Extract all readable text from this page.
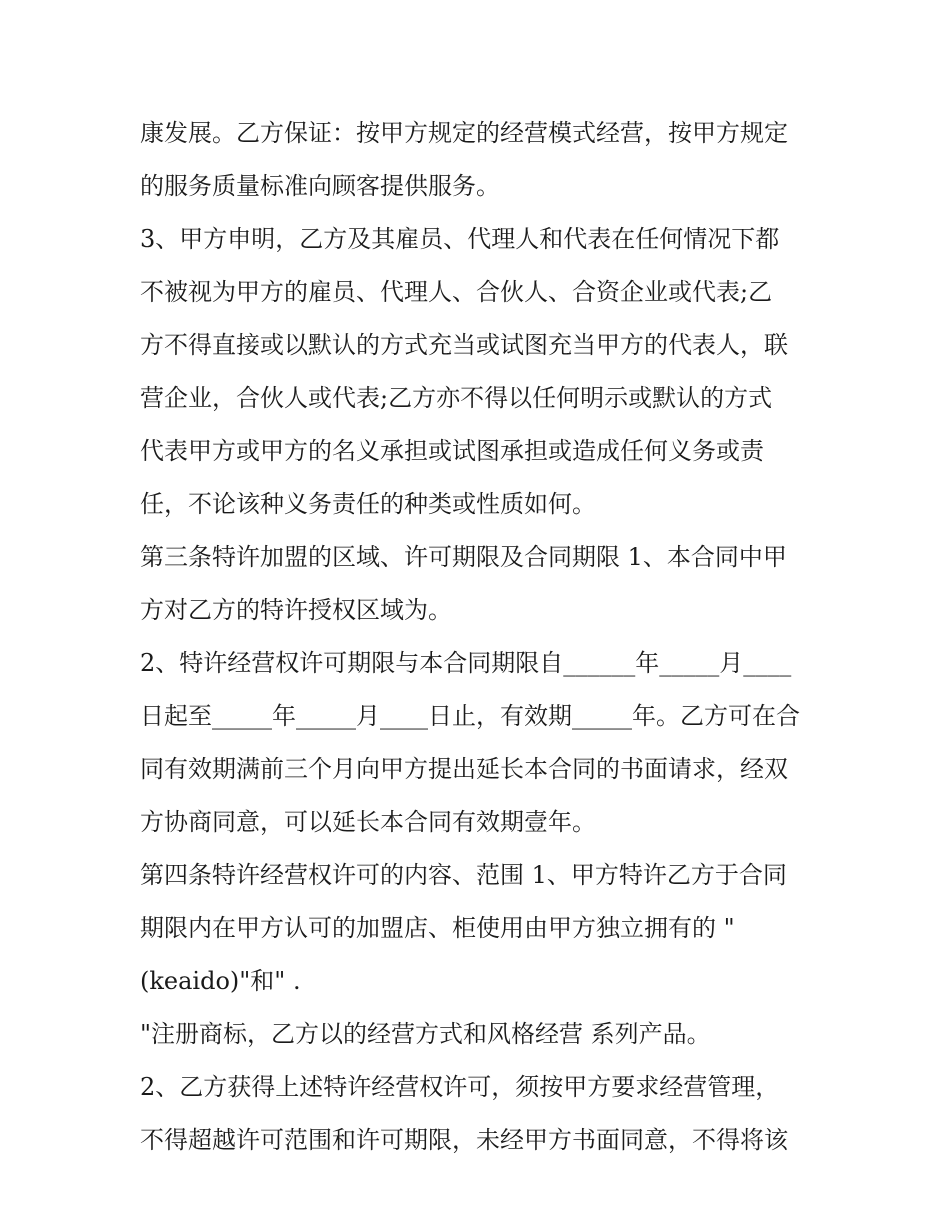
康发展。乙方保证：按甲方规定的经营模式经营，按甲方规定
的服务质量标准向顾客提供服务。
3、甲方申明，乙方及其雇员、代理人和代表在任何情况下都
不被视为甲方的雇员、代理人、合伙人、合资企业或代表;乙
方不得直接或以默认的方式充当或试图充当甲方的代表人，联
营企业，合伙人或代表;乙方亦不得以任何明示或默认的方式
代表甲方或甲方的名义承担或试图承担或造成任何义务或责
任，不论该种义务责任的种类或性质如何。
第三条特许加盟的区域、许可期限及合同期限 1、本合同中甲
方对乙方的特许授权区域为。
2、特许经营权许可期限与本合同期限自______年_____月____
日起至_____年_____月____日止，有效期_____年。乙方可在合
同有效期满前三个月向甲方提出延长本合同的书面请求，经双
方协商同意，可以延长本合同有效期壹年。
第四条特许经营权许可的内容、范围 1、甲方特许乙方于合同
期限内在甲方认可的加盟店、柜使用由甲方独立拥有的 "
(keaido)"和" .
"注册商标，乙方以的经营方式和风格经营 系列产品。
2、乙方获得上述特许经营权许可，须按甲方要求经营管理，
不得超越许可范围和许可期限，未经甲方书面同意，不得将该
